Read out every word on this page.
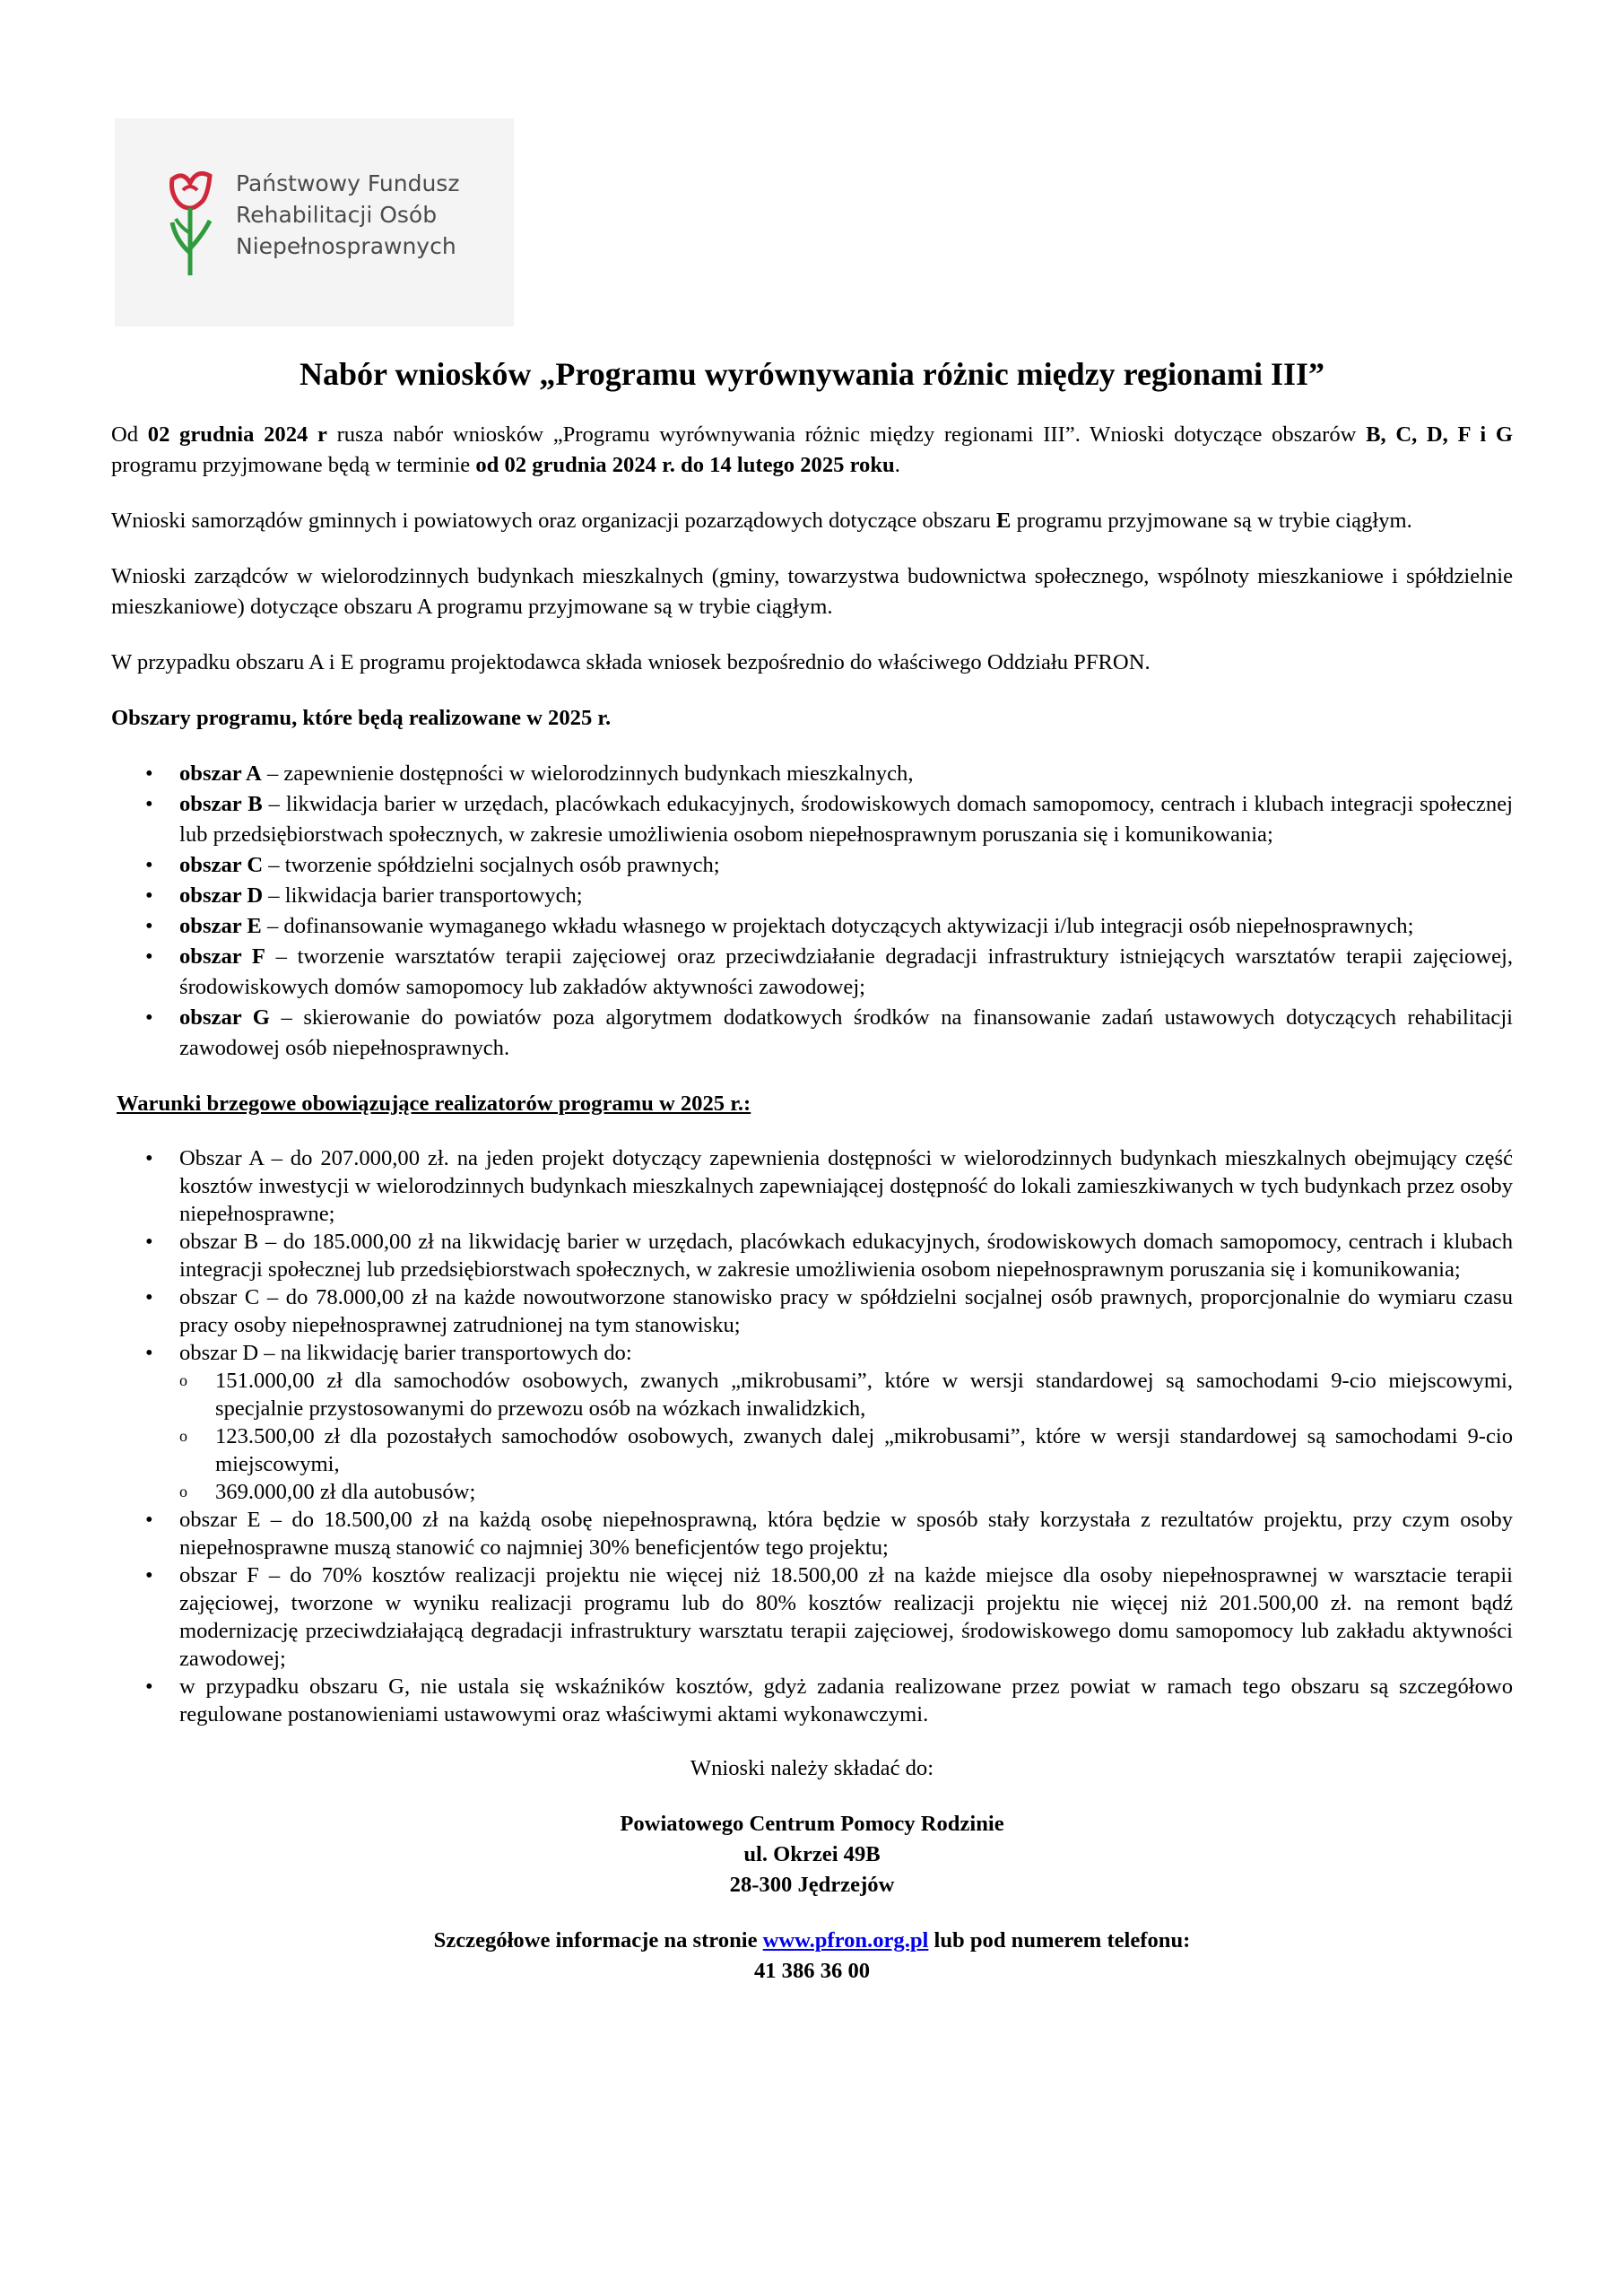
Państwowy Fundusz
Rehabilitacji Osób
Niepełnosprawnych
Nabór wniosków „Programu wyrównywania różnic między regionami III”

Od 02 grudnia 2024 r rusza nabór wniosków „Programu wyrównywania różnic między regionami III”. Wnioski dotyczące obszarów B, C, D, F i G programu przyjmowane będą w terminie od 02 grudnia 2024 r. do 14 lutego 2025 roku.

Wnioski samorządów gminnych i powiatowych oraz organizacji pozarządowych dotyczące obszaru E programu przyjmowane są w trybie ciągłym.

Wnioski zarządców w wielorodzinnych budynkach mieszkalnych (gminy, towarzystwa budownictwa społecznego, wspólnoty mieszkaniowe i spółdzielnie mieszkaniowe) dotyczące obszaru A programu przyjmowane są w trybie ciągłym.

W przypadku obszaru A i E programu projektodawca składa wniosek bezpośrednio do właściwego Oddziału PFRON.

Obszary programu, które będą realizowane w 2025 r.

• obszar A – zapewnienie dostępności w wielorodzinnych budynkach mieszkalnych,
• obszar B – likwidacja barier w urzędach, placówkach edukacyjnych, środowiskowych domach samopomocy, centrach i klubach integracji społecznej lub przedsiębiorstwach społecznych, w zakresie umożliwienia osobom niepełnosprawnym poruszania się i komunikowania;
• obszar C – tworzenie spółdzielni socjalnych osób prawnych;
• obszar D – likwidacja barier transportowych;
• obszar E – dofinansowanie wymaganego wkładu własnego w projektach dotyczących aktywizacji i/lub integracji osób niepełnosprawnych;
• obszar F – tworzenie warsztatów terapii zajęciowej oraz przeciwdziałanie degradacji infrastruktury istniejących warsztatów terapii zajęciowej, środowiskowych domów samopomocy lub zakładów aktywności zawodowej;
• obszar G – skierowanie do powiatów poza algorytmem dodatkowych środków na finansowanie zadań ustawowych dotyczących rehabilitacji zawodowej osób niepełnosprawnych.

Warunki brzegowe obowiązujące realizatorów programu w 2025 r.:

• Obszar A – do 207.000,00 zł. na jeden projekt dotyczący zapewnienia dostępności w wielorodzinnych budynkach mieszkalnych obejmujący część kosztów inwestycji w wielorodzinnych budynkach mieszkalnych zapewniającej dostępność do lokali zamieszkiwanych w tych budynkach przez osoby niepełnosprawne;
• obszar B – do 185.000,00 zł na likwidację barier w urzędach, placówkach edukacyjnych, środowiskowych domach samopomocy, centrach i klubach integracji społecznej lub przedsiębiorstwach społecznych, w zakresie umożliwienia osobom niepełnosprawnym poruszania się i komunikowania;
• obszar C – do 78.000,00 zł na każde nowoutworzone stanowisko pracy w spółdzielni socjalnej osób prawnych, proporcjonalnie do wymiaru czasu pracy osoby niepełnosprawnej zatrudnionej na tym stanowisku;
• obszar D – na likwidację barier transportowych do:
o 151.000,00 zł dla samochodów osobowych, zwanych „mikrobusami”, które w wersji standardowej są samochodami 9-cio miejscowymi, specjalnie przystosowanymi do przewozu osób na wózkach inwalidzkich,
o 123.500,00 zł dla pozostałych samochodów osobowych, zwanych dalej „mikrobusami”, które w wersji standardowej są samochodami 9-cio miejscowymi,
o 369.000,00 zł dla autobusów;
• obszar E – do 18.500,00 zł na każdą osobę niepełnosprawną, która będzie w sposób stały korzystała z rezultatów projektu, przy czym osoby niepełnosprawne muszą stanowić co najmniej 30% beneficjentów tego projektu;
• obszar F – do 70% kosztów realizacji projektu nie więcej niż 18.500,00 zł na każde miejsce dla osoby niepełnosprawnej w warsztacie terapii zajęciowej, tworzone w wyniku realizacji programu lub do 80% kosztów realizacji projektu nie więcej niż 201.500,00 zł. na remont bądź modernizację przeciwdziałającą degradacji infrastruktury warsztatu terapii zajęciowej, środowiskowego domu samopomocy lub zakładu aktywności zawodowej;
• w przypadku obszaru G, nie ustala się wskaźników kosztów, gdyż zadania realizowane przez powiat w ramach tego obszaru są szczegółowo regulowane postanowieniami ustawowymi oraz właściwymi aktami wykonawczymi.

Wnioski należy składać do:

Powiatowego Centrum Pomocy Rodzinie

ul. Okrzei 49B

28-300 Jędrzejów

Szczegółowe informacje na stronie www.pfron.org.pl lub pod numerem telefonu:

41 386 36 00
